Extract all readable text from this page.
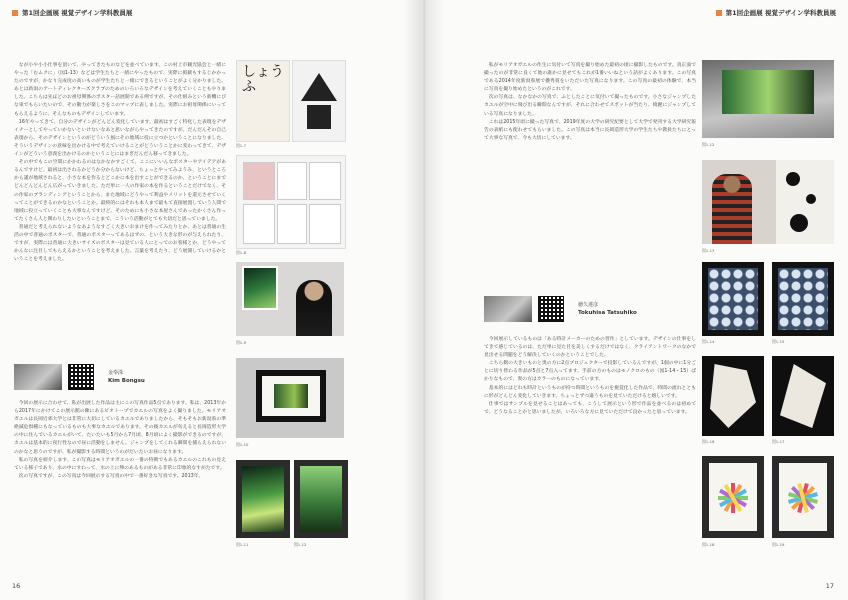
第1回企画展 視覚デザイン学科教員展

なが小や小小仕事を頂いて、やってきたものなどを並べています。この村上市観光協会と一緒にやった「むムクに」（図1-13）などは学生たちと一緒にやったもので、実際に掲載もするじかかったのですが、かなり完成度の高いものが学生たちと一緒にできるということがよく分かりました。あとは新潟のアートディレクターズクラブのためのいろいろなデザインを考えていくこともやりました。こちらは先ほどのお祖母関係のポスター話展開である例ですが、その仕組みという新機にびな束でもらいたいので、その動力が楽しさをこのマップに表しました。実際にお祖母関係にいってもらえるように、そんなものもデザインしています。

16年やってきて、自分のデザインがどんどん変化しています。最初はすごく特化した表現をデザイナーとしてやっていかないといけないなあと思いながらやってきたのですが、だんだんその自己表現から、そのデザインというのがどういう風にその地域に役に立つかということになりました。そういうデザインの意味を出かける中で考えていけることがどういうことかに変わってきて、デザインがどういう意義を出かけるのかということにはまぎだんだん移ってきました。

その中でもこの空間にかかわるのはなかなかすごくて、ここにいいんなポスターやアイデアがあるんですけど、最初は出されるかどうか分からないけど、ちょっとやってみようみ、というところから謹が地域されると、小さな本を作るとどこかに本を出すことができるのか、ということにまでどんどんどんどん広がっていきました。ただ単に一人の作家の本を作るということだけでなく、その作家のブランディングということから、また地域にどうやって利益やメリットを還元させていくってことができるのかなということか。最終的にはそれも本人まで最もて直接展置していう人間で地域に役立っていくことも大事なんですけど、そのためにも小さな本屋さんであったかくさん作ってたくさん人と関わりしたいということまで、こういう活動がとても大切だと思っていました。

普通だと考えられないようなあようなすごく大きいおまけを作ってみたりとか、あとは普通の生活の中で普通のポスターで、普通のポスターってあるはずの、という大きな形のが与えられたり、ですが、実際には普通に大きいサイズのポスターは見ている人にとってのお客様とか、どうやってかんなに注目してもらえるかということを考えました。言葉を考えたり、どう展開していけるかということを考えました。

金奉洙
Kim Bongsu

今回の展示に合わせて、私が出展した作品は主にこの写真作品5点であります。私は、2013年から2017年にかけてこの展示館の陳にあるビオトープでカエルの写真をよく撮りました。モリアオガエルは長岡近郊大学とは非常に大切にしているカエルでありましたから、そもそもお新潟県の準絶滅危惧種にもなっているものも大事なカエルであります。その後カエルが旬えると長岡造形大学の中に住んでいるカエルがいて、たいたいも5月から7月頃、8月頃によく撮影ができるのですが、カエルは基本的に夜行性なので昼に活動をしません。ジャンプをしてくれる瞬間を捕らえられないのかなと思うのですが、私が撮影する時間というのがだいたいお昼になります。

私の写真を紹介します。この写真はモリアオガエルの一番の特徴でもあるカエルのこれもの見えている様子であり、水の中にすわって、水の上に卵のあるものがある非常に印象的なすがたです。

次の写真ですが、この写真は今回展示する写真の中で一番好きな写真です。2013年、

しょうふ
図1-7
図1-8
図1-9
図1-10
図1-11	図1-12
16
第1回企画展 視覚デザイン学科教員展

私がモリアオガエルの作生に気付いて写真を撮り始めた最初の頃に撮影したものです。真正面で撮ったのが非常に良くて他の誰かに見せてもこれが1番いいねという話がよくあります。この写真である2014年度新潟県展で優秀賞をいただいた写真になります。この写真の最初の体験で、本当に写真を撮り始めたというのがこれです。

次の写真は、なかなかの写真で、ふとしたことに気付いて撮ったものです。小さなジャンプしたカエルが空中に飛び出る瞬間なんですが、それに合わせてスポットが当たり、綺麗にジャンプしている写真になりました。

これは2015年頃に撮った写真で、2019年度の大学の研究紀要として大学で発刊する大学研究報告の表紙にも使わせてもらいました。この写真は本当に長岡造形大学の学生たちや教員たちにとって大事な写真で、今も大切にしています。

徳久達彦
Tokuhisa Tatsuhiko

今回展示しているものは「ある時計メーカーのための習作」としています。デザインの仕事をしてきて感じているのは、ただ単に見た目を美しくするだけではなく、クライアントワークのなかで見出せる問題をどう解決していくのかということでした。

こちら側の大きいものと奥の方に2点プロジェクターで投影しているんですが、1個の中に1分ごとに切り替わる作品が5点と7点入ってます。手前の方のものはモノクロのもの（図1-14・15）ばかりなもので、奥の方はカラーのものになっています。

基本的にはどれも時計というものが持つ時間というものを視覚化した作品で、時間の流れとともに形がどんどん変化していきます。ちょっとずつ違うものを見ていただけると嬉しいです。

仕事ではサンプルを見せることはあっても、こうして展示という形で作品を並べるのは初めてで、どうなることかと思いましたが、いろいろな方に見ていただけて良かったと思っています。

図1-12
図1-13
図1-14	図1-15
図1-16	図1-17
図1-18	図1-19
17
